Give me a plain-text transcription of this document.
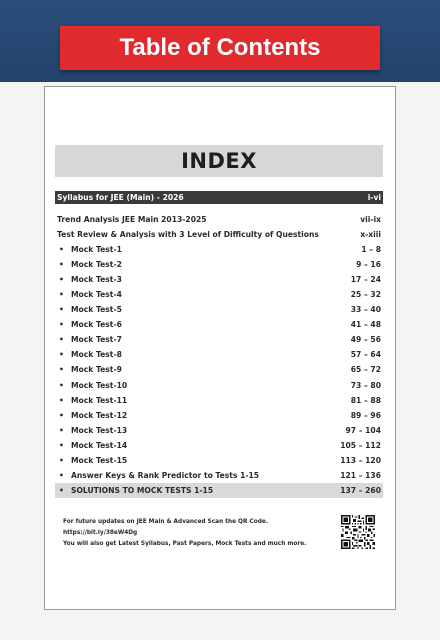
Table of Contents
INDEX
Syllabus for JEE (Main) - 2026	i-vi
Trend Analysis JEE Main 2013-2025	vii-ix
Test Review & Analysis with 3 Level of Difficulty of Questions	x-xiii
• Mock Test-1	1 – 8
• Mock Test-2	9 – 16
• Mock Test-3	17 – 24
• Mock Test-4	25 – 32
• Mock Test-5	33 – 40
• Mock Test-6	41 – 48
• Mock Test-7	49 – 56
• Mock Test-8	57 – 64
• Mock Test-9	65 – 72
• Mock Test-10	73 – 80
• Mock Test-11	81 – 88
• Mock Test-12	89 – 96
• Mock Test-13	97 – 104
• Mock Test-14	105 – 112
• Mock Test-15	113 – 120
• Answer Keys & Rank Predictor to Tests 1-15	121 – 136
• SOLUTIONS TO MOCK TESTS 1-15	137 – 260
For future updates on JEE Main & Advanced Scan the QR Code.
https://bit.ly/38eW4Dg
You will also get Latest Syllabus, Past Papers, Mock Tests and much more.
